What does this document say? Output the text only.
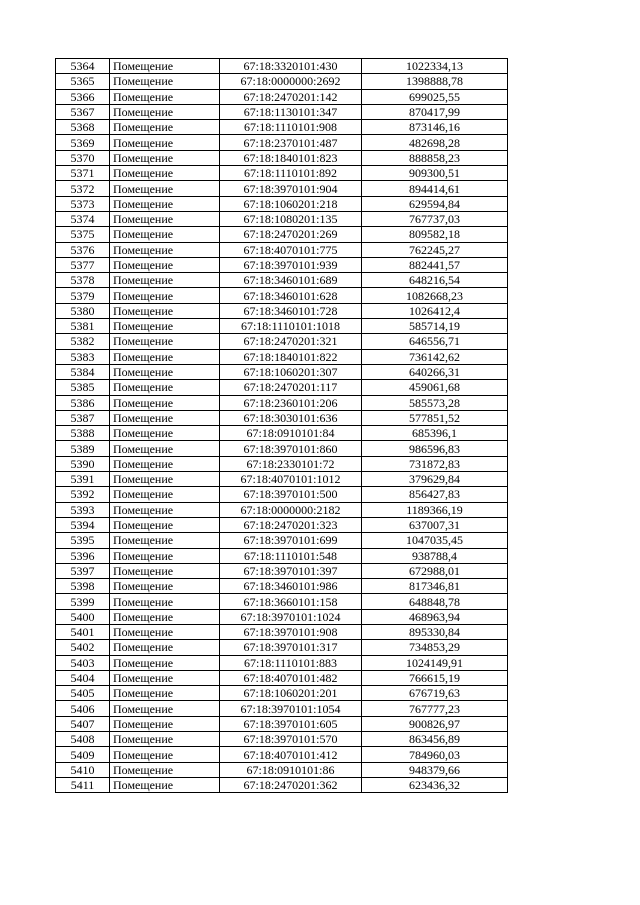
5364	Помещение	67:18:3320101:430	1022334,13
5365	Помещение	67:18:0000000:2692	1398888,78
5366	Помещение	67:18:2470201:142	699025,55
5367	Помещение	67:18:1130101:347	870417,99
5368	Помещение	67:18:1110101:908	873146,16
5369	Помещение	67:18:2370101:487	482698,28
5370	Помещение	67:18:1840101:823	888858,23
5371	Помещение	67:18:1110101:892	909300,51
5372	Помещение	67:18:3970101:904	894414,61
5373	Помещение	67:18:1060201:218	629594,84
5374	Помещение	67:18:1080201:135	767737,03
5375	Помещение	67:18:2470201:269	809582,18
5376	Помещение	67:18:4070101:775	762245,27
5377	Помещение	67:18:3970101:939	882441,57
5378	Помещение	67:18:3460101:689	648216,54
5379	Помещение	67:18:3460101:628	1082668,23
5380	Помещение	67:18:3460101:728	1026412,4
5381	Помещение	67:18:1110101:1018	585714,19
5382	Помещение	67:18:2470201:321	646556,71
5383	Помещение	67:18:1840101:822	736142,62
5384	Помещение	67:18:1060201:307	640266,31
5385	Помещение	67:18:2470201:117	459061,68
5386	Помещение	67:18:2360101:206	585573,28
5387	Помещение	67:18:3030101:636	577851,52
5388	Помещение	67:18:0910101:84	685396,1
5389	Помещение	67:18:3970101:860	986596,83
5390	Помещение	67:18:2330101:72	731872,83
5391	Помещение	67:18:4070101:1012	379629,84
5392	Помещение	67:18:3970101:500	856427,83
5393	Помещение	67:18:0000000:2182	1189366,19
5394	Помещение	67:18:2470201:323	637007,31
5395	Помещение	67:18:3970101:699	1047035,45
5396	Помещение	67:18:1110101:548	938788,4
5397	Помещение	67:18:3970101:397	672988,01
5398	Помещение	67:18:3460101:986	817346,81
5399	Помещение	67:18:3660101:158	648848,78
5400	Помещение	67:18:3970101:1024	468963,94
5401	Помещение	67:18:3970101:908	895330,84
5402	Помещение	67:18:3970101:317	734853,29
5403	Помещение	67:18:1110101:883	1024149,91
5404	Помещение	67:18:4070101:482	766615,19
5405	Помещение	67:18:1060201:201	676719,63
5406	Помещение	67:18:3970101:1054	767777,23
5407	Помещение	67:18:3970101:605	900826,97
5408	Помещение	67:18:3970101:570	863456,89
5409	Помещение	67:18:4070101:412	784960,03
5410	Помещение	67:18:0910101:86	948379,66
5411	Помещение	67:18:2470201:362	623436,32
